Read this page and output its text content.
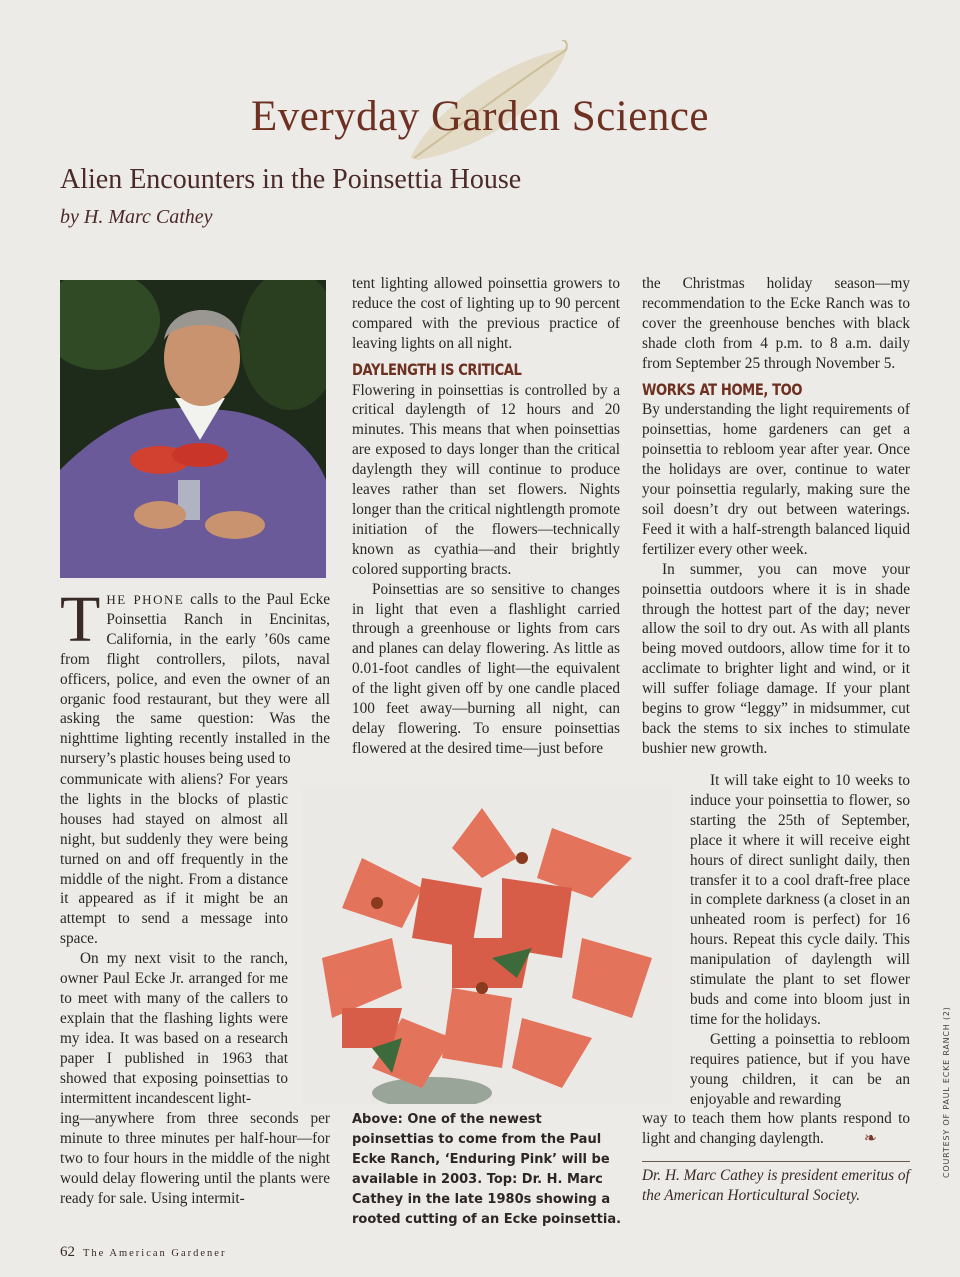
Everyday Garden Science
Alien Encounters in the Poinsettia House
by H. Marc Cathey

THE PHONE calls to the Paul Ecke Poinsettia Ranch in Encinitas, California, in the early ’60s came from flight controllers, pilots, naval officers, police, and even the owner of an organic food restaurant, but they were all asking the same question: Was the nighttime lighting recently installed in the nursery’s plastic houses being used to

communicate with aliens? For years the lights in the blocks of plastic houses had stayed on almost all night, but suddenly they were being turned on and off frequently in the middle of the night. From a distance it appeared as if it might be an attempt to send a message into space.

On my next visit to the ranch, owner Paul Ecke Jr. arranged for me to meet with many of the callers to explain that the flashing lights were my idea. It was based on a research paper I published in 1963 that showed that exposing poinsettias to intermittent incandescent light-

ing—anywhere from three seconds per minute to three minutes per half-hour—for two to four hours in the middle of the night would delay flowering until the plants were ready for sale. Using intermit-

tent lighting allowed poinsettia growers to reduce the cost of lighting up to 90 percent compared with the previous practice of leaving lights on all night.

DAYLENGTH IS CRITICAL

Flowering in poinsettias is controlled by a critical daylength of 12 hours and 20 minutes. This means that when poinsettias are exposed to days longer than the critical daylength they will continue to produce leaves rather than set flowers. Nights longer than the critical nightlength promote initiation of the flowers—technically known as cyathia—and their brightly colored supporting bracts.

Poinsettias are so sensitive to changes in light that even a flashlight carried through a greenhouse or lights from cars and planes can delay flowering. As little as 0.01-foot candles of light—the equivalent of the light given off by one candle placed 100 feet away—burning all night, can delay flowering. To ensure poinsettias flowered at the desired time—just before

the Christmas holiday season—my recommendation to the Ecke Ranch was to cover the greenhouse benches with black shade cloth from 4 p.m. to 8 a.m. daily from September 25 through November 5.

WORKS AT HOME, TOO

By understanding the light requirements of poinsettias, home gardeners can get a poinsettia to rebloom year after year. Once the holidays are over, continue to water your poinsettia regularly, making sure the soil doesn’t dry out between waterings. Feed it with a half-strength balanced liquid fertilizer every other week.

In summer, you can move your poinsettia outdoors where it is in shade through the hottest part of the day; never allow the soil to dry out. As with all plants being moved outdoors, allow time for it to acclimate to brighter light and wind, or it will suffer foliage damage. If your plant begins to grow “leggy” in midsummer, cut back the stems to six inches to stimulate bushier new growth.

It will take eight to 10 weeks to induce your poinsettia to flower, so starting the 25th of September, place it where it will receive eight hours of direct sunlight daily, then transfer it to a cool draft-free place in complete darkness (a closet in an unheated room is perfect) for 16 hours. Repeat this cycle daily. This manipulation of daylength will stimulate the plant to set flower buds and come into bloom just in time for the holidays.

Getting a poinsettia to rebloom requires patience, but if you have young children, it can be an enjoyable and rewarding

way to teach them how plants respond to light and changing daylength.	❧

Above: One of the newest poinsettias to come from the Paul Ecke Ranch, ‘Enduring Pink’ will be available in 2003. Top: Dr. H. Marc Cathey in the late 1980s showing a rooted cutting of an Ecke poinsettia.
Dr. H. Marc Cathey is president emeritus of the American Horticultural Society.
COURTESY OF PAUL ECKE RANCH (2)
62 The American Gardener
